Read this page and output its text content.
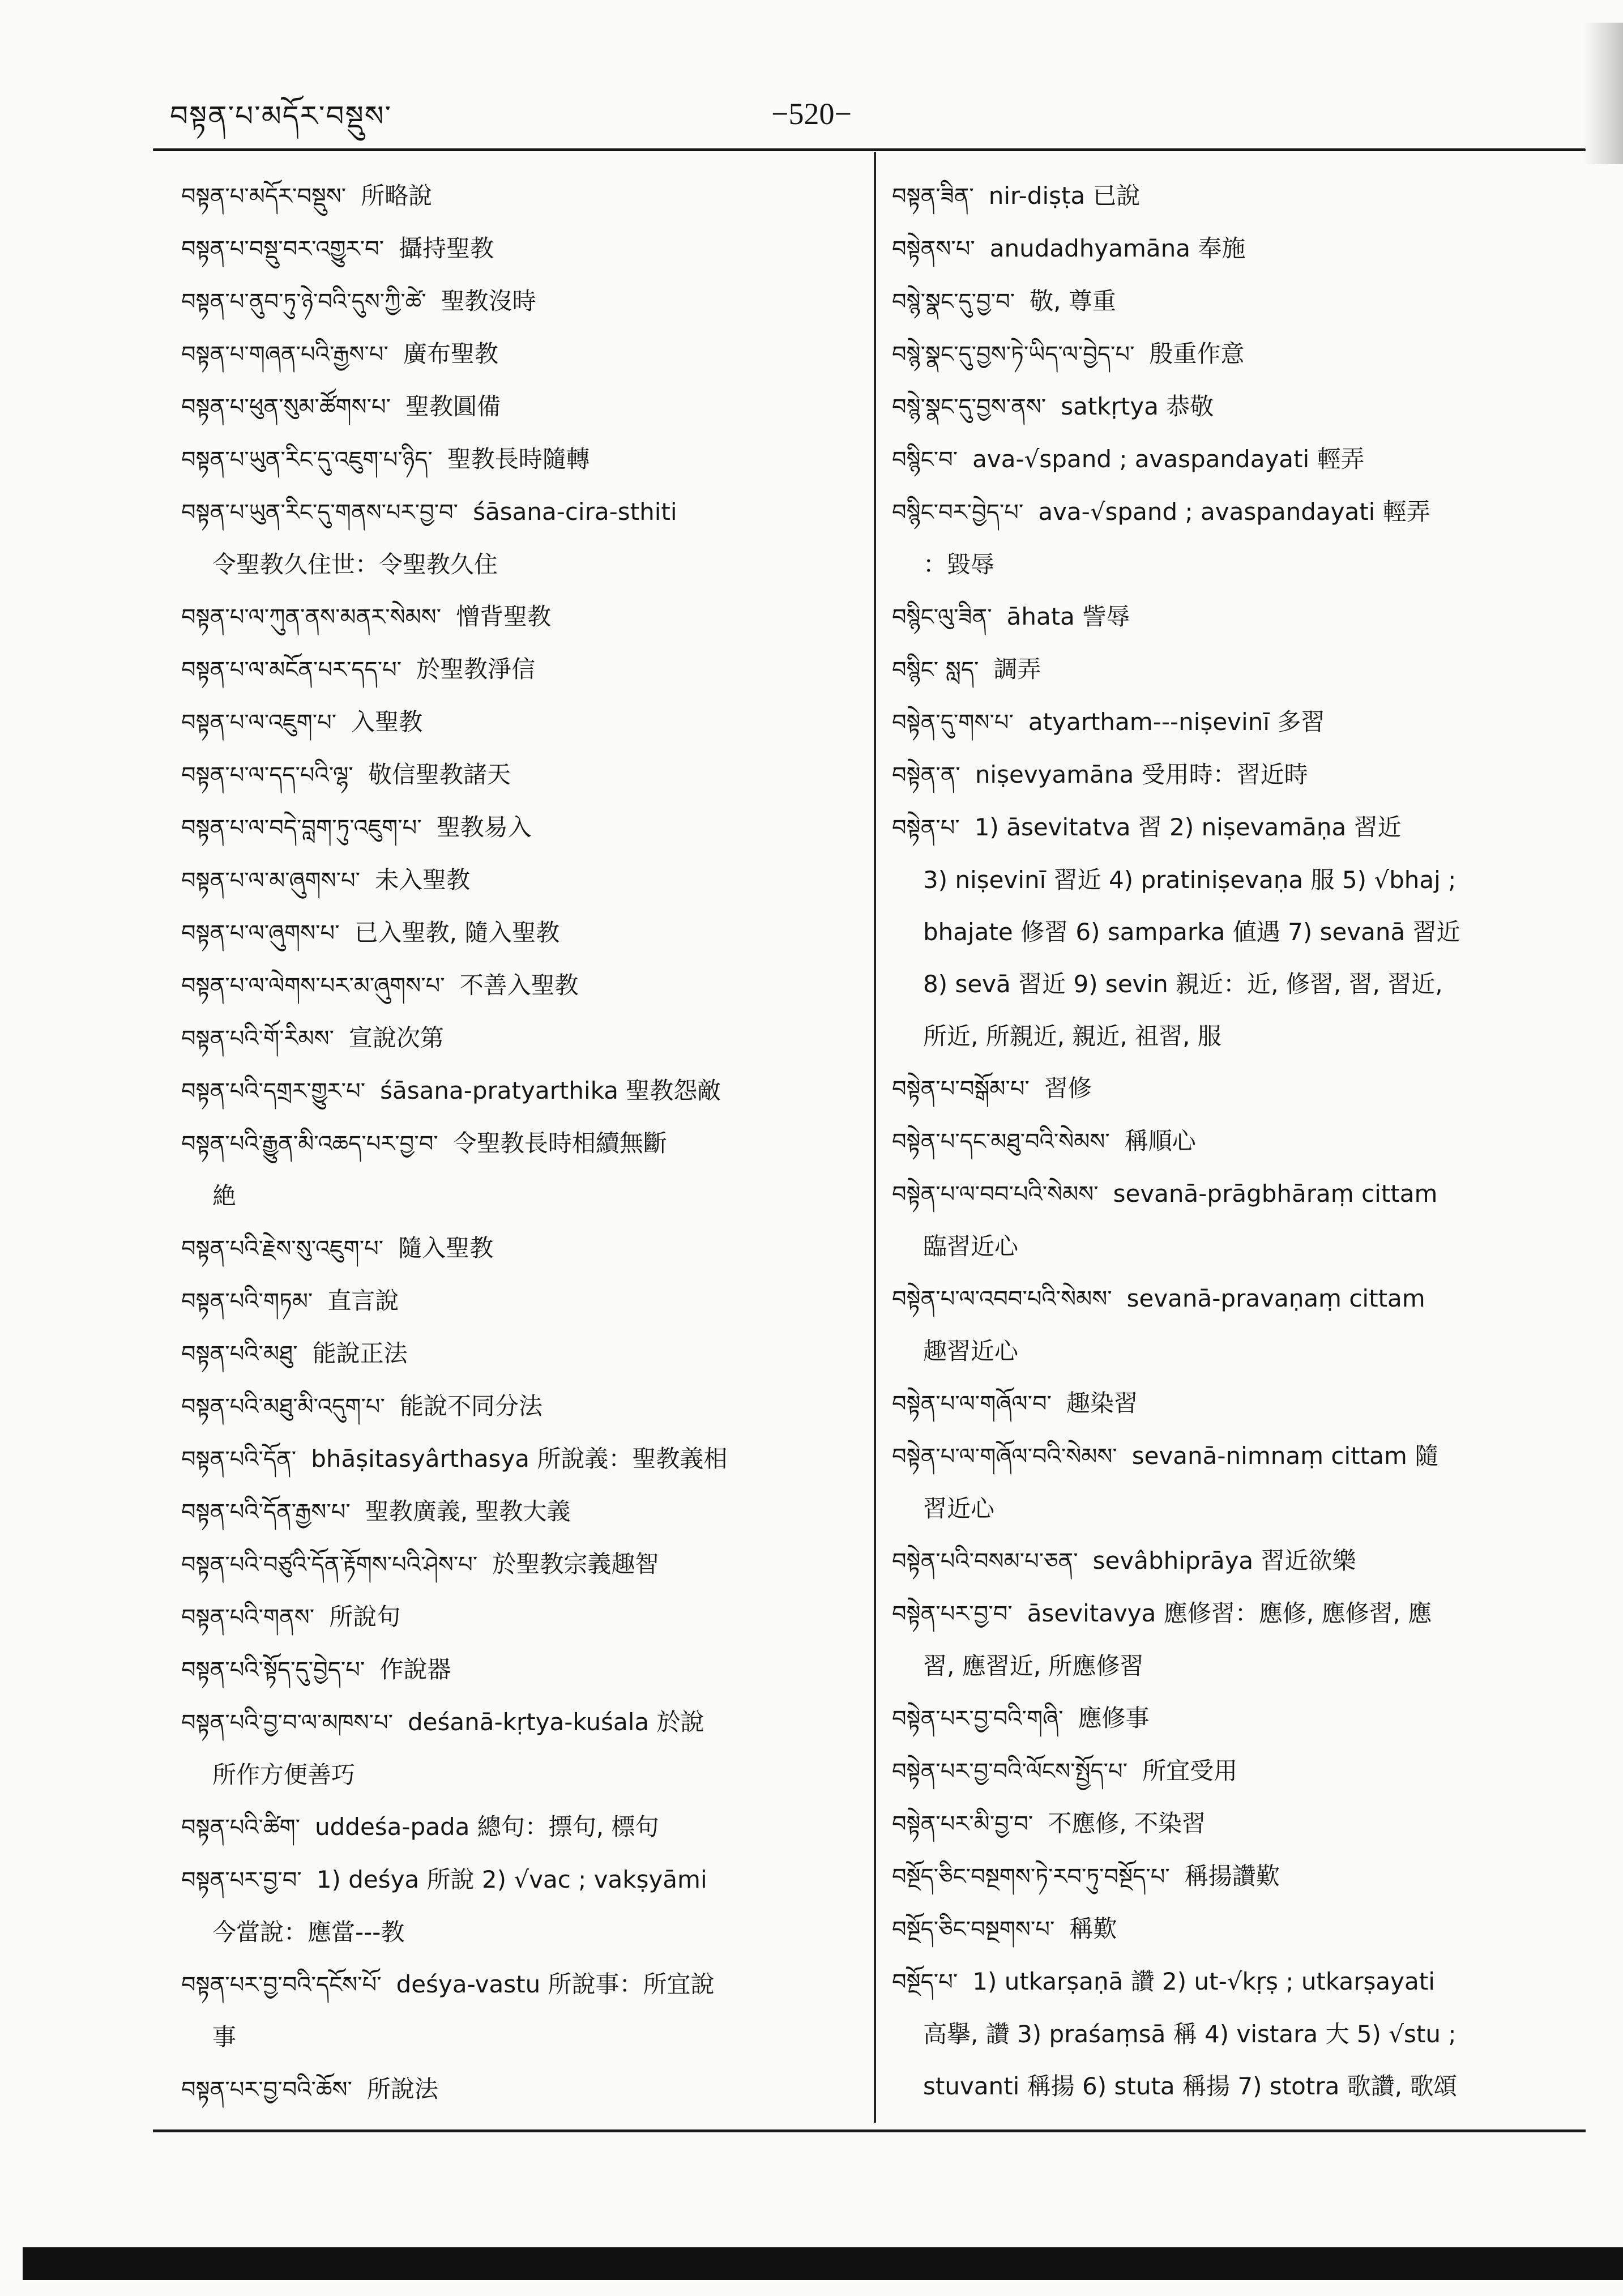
བསྟན་པ་མདོར་བསྡུས་	−520−
བསྟན་པ་མདོར་བསྡུས་ 所略說
བསྟན་པ་བསྡུ་བར་འགྱུར་བ་ 攝持聖教
བསྟན་པ་ནུབ་ཏུ་ཉེ་བའི་དུས་ཀྱི་ཚེ་ 聖教沒時
བསྟན་པ་གཞན་པའི་རྒྱས་པ་ 廣布聖教
བསྟན་པ་ཕུན་སུམ་ཚོགས་པ་ 聖教圓備
བསྟན་པ་ཡུན་རིང་དུ་འཇུག་པ་ཉིད་ 聖教長時隨轉
བསྟན་པ་ཡུན་རིང་དུ་གནས་པར་བྱ་བ་ śāsana-cira-sthiti
令聖教久住世：令聖教久住
བསྟན་པ་ལ་ཀུན་ནས་མནར་སེམས་ 憎背聖教
བསྟན་པ་ལ་མངོན་པར་དད་པ་ 於聖教淨信
བསྟན་པ་ལ་འཇུག་པ་ 入聖教
བསྟན་པ་ལ་དད་པའི་ལྷ་ 敬信聖教諸天
བསྟན་པ་ལ་བདེ་བླག་ཏུ་འཇུག་པ་ 聖教易入
བསྟན་པ་ལ་མ་ཞུགས་པ་ 未入聖教
བསྟན་པ་ལ་ཞུགས་པ་ 已入聖教, 隨入聖教
བསྟན་པ་ལ་ལེགས་པར་མ་ཞུགས་པ་ 不善入聖教
བསྟན་པའི་གོ་རིམས་ 宣說次第
བསྟན་པའི་དགྲར་གྱུར་པ་ śāsana-pratyarthika 聖教怨敵
བསྟན་པའི་རྒྱུན་མི་འཆད་པར་བྱ་བ་ 令聖教長時相續無斷
絶
བསྟན་པའི་རྗེས་སུ་འཇུག་པ་ 隨入聖教
བསྟན་པའི་གཏམ་ 直言說
བསྟན་པའི་མཐུ་ 能說正法
བསྟན་པའི་མཐུ་མི་འདུག་པ་ 能說不同分法
བསྟན་པའི་དོན་ bhāṣitasyârthasya 所說義：聖教義相
བསྟན་པའི་དོན་རྒྱས་པ་ 聖教廣義, 聖教大義
བསྟན་པའི་བཙུའི་དོན་རྟོགས་པའི་ཤེས་པ་ 於聖教宗義趣智
བསྟན་པའི་གནས་ 所說句
བསྟན་པའི་སྟོད་དུ་བྱེད་པ་ 作說器
བསྟན་པའི་བྱ་བ་ལ་མཁས་པ་ deśanā-kṛtya-kuśala 於說
所作方便善巧
བསྟན་པའི་ཚིག་ uddeśa-pada 總句：摽句, 標句
བསྟན་པར་བྱ་བ་ 1) deśya 所說 2) √vac ; vakṣyāmi
今當說：應當---教
བསྟན་པར་བྱ་བའི་དངོས་པོ་ deśya-vastu 所說事：所宜說
事
བསྟན་པར་བྱ་བའི་ཆོས་ 所說法
བསྟན་ཟིན་ nir-diṣṭa 已說
བསྟེནས་པ་ anudadhyamāna 奉施
བསྙེ་སྣང་དུ་བྱ་བ་ 敬, 尊重
བསྙེ་སྣང་དུ་བྱས་ཏེ་ཡིད་ལ་བྱེད་པ་ 殷重作意
བསྙེ་སྣང་དུ་བྱས་ནས་ satkṛtya 恭敬
བསྙིང་བ་ ava-√spand ; avaspandayati 輕弄
བསྙིང་བར་བྱེད་པ་ ava-√spand ; avaspandayati 輕弄
：毀辱
བསྙིང་ལུ་ཟིན་ āhata 訾辱
བསྙིང་ སླད་ 調弄
བསྟེན་དུ་གས་པ་ atyartham---niṣevinī 多習
བསྟེན་ན་ niṣevyamāna 受用時：習近時
བསྟེན་པ་ 1) āsevitatva 習 2) niṣevamāṇa 習近
3) niṣevinī 習近 4) pratiniṣevaṇa 服 5) √bhaj ;
bhajate 修習 6) samparka 値遇 7) sevanā 習近
8) sevā 習近 9) sevin 親近：近, 修習, 習, 習近,
所近, 所親近, 親近, 祖習, 服
བསྟེན་པ་བསྒོམ་པ་ 習修
བསྟེན་པ་དང་མཐུ་བའི་སེམས་ 稱順心
བསྟེན་པ་ལ་བབ་པའི་སེམས་ sevanā-prāgbhāraṃ cittam
臨習近心
བསྟེན་པ་ལ་འབབ་པའི་སེམས་ sevanā-pravaṇaṃ cittam
趣習近心
བསྟེན་པ་ལ་གཞོལ་བ་ 趣染習
བསྟེན་པ་ལ་གཞོལ་བའི་སེམས་ sevanā-nimnaṃ cittam 隨
習近心
བསྟེན་པའི་བསམ་པ་ཅན་ sevâbhiprāya 習近欲樂
བསྟེན་པར་བྱ་བ་ āsevitavya 應修習：應修, 應修習, 應
習, 應習近, 所應修習
བསྟེན་པར་བྱ་བའི་གཞི་ 應修事
བསྟེན་པར་བྱ་བའི་ལོངས་སྤྱོད་པ་ 所宜受用
བསྟེན་པར་མི་བྱ་བ་ 不應修, 不染習
བསྔོད་ཅིང་བསྔགས་ཏེ་རབ་ཏུ་བསྔོད་པ་ 稱揚讚歎
བསྔོད་ཅིང་བསྔགས་པ་ 稱歎
བསྔོད་པ་ 1) utkarṣaṇā 讚 2) ut-√kṛṣ ; utkarṣayati
高擧, 讚 3) praśaṃsā 稱 4) vistara 大 5) √stu ;
stuvanti 稱揚 6) stuta 稱揚 7) stotra 歌讚, 歌頌
